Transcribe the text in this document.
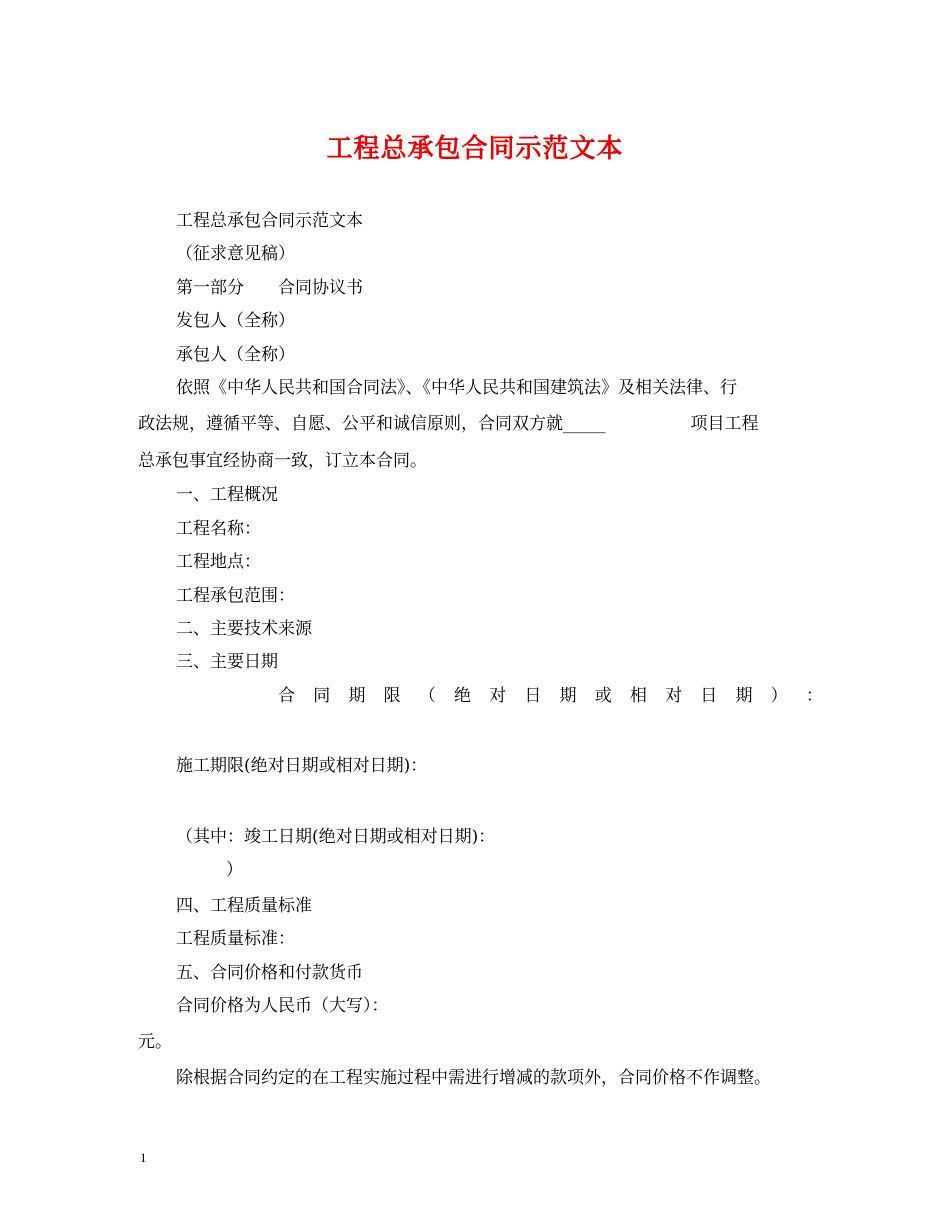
工程总承包合同示范文本
工程总承包合同示范文本
（征求意见稿）
第一部分　　合同协议书
发包人（全称）
承包人（全称）
依照《中华人民共和国合同法》、《中华人民共和国建筑法》及相关法律、行
政法规，遵循平等、自愿、公平和诚信原则，合同双方就_____　　　　　项目工程
总承包事宜经协商一致，订立本合同。
一、工程概况
工程名称：
工程地点：
工程承包范围：
二、主要技术来源
三、主要日期
合 同 期 限 （ 绝 对 日 期 或 相 对 日 期 ） ：
施工期限(绝对日期或相对日期)：
（其中：竣工日期(绝对日期或相对日期)：
）
四、工程质量标准
工程质量标准：
五、合同价格和付款货币
合同价格为人民币（大写）：
元。
除根据合同约定的在工程实施过程中需进行增减的款项外，合同价格不作调整。
1
